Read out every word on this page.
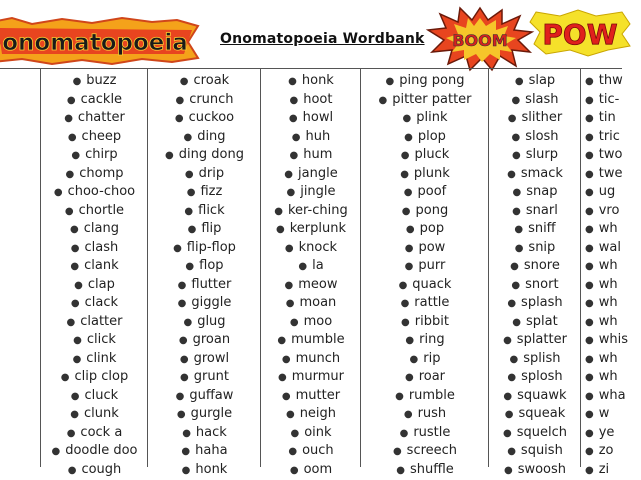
onomatopoeia Onomatopoeia Wordbank BOOM POW
● buzz
● cackle
● chatter
● cheep
● chirp
● chomp
● choo-choo
● chortle
● clang
● clash
● clank
● clap
● clack
● clatter
● click
● clink
● clip clop
● cluck
● clunk
● cock a
● doodle doo
● cough
● croak
● crunch
● cuckoo
● ding
● ding dong
● drip
● fizz
● flick
● flip
● flip-flop
● flop
● flutter
● giggle
● glug
● groan
● growl
● grunt
● guffaw
● gurgle
● hack
● haha
● honk
● honk
● hoot
● howl
● huh
● hum
● jangle
● jingle
● ker-ching
● kerplunk
● knock
● la
● meow
● moan
● moo
● mumble
● munch
● murmur
● mutter
● neigh
● oink
● ouch
● oom
● ping pong
● pitter patter
● plink
● plop
● pluck
● plunk
● poof
● pong
● pop
● pow
● purr
● quack
● rattle
● ribbit
● ring
● rip
● roar
● rumble
● rush
● rustle
● screech
● shuffle
● slap
● slash
● slither
● slosh
● slurp
● smack
● snap
● snarl
● sniff
● snip
● snore
● snort
● splash
● splat
● splatter
● splish
● splosh
● squawk
● squeak
● squelch
● squish
● swoosh
● thw
● tic-
● tin
● tric
● two
● twe
● ug
● vro
● wh
● wal
● wh
● wh
● wh
● wh
● whis
● wh
● wh
● wha
● w
● ye
● zo
● zi
